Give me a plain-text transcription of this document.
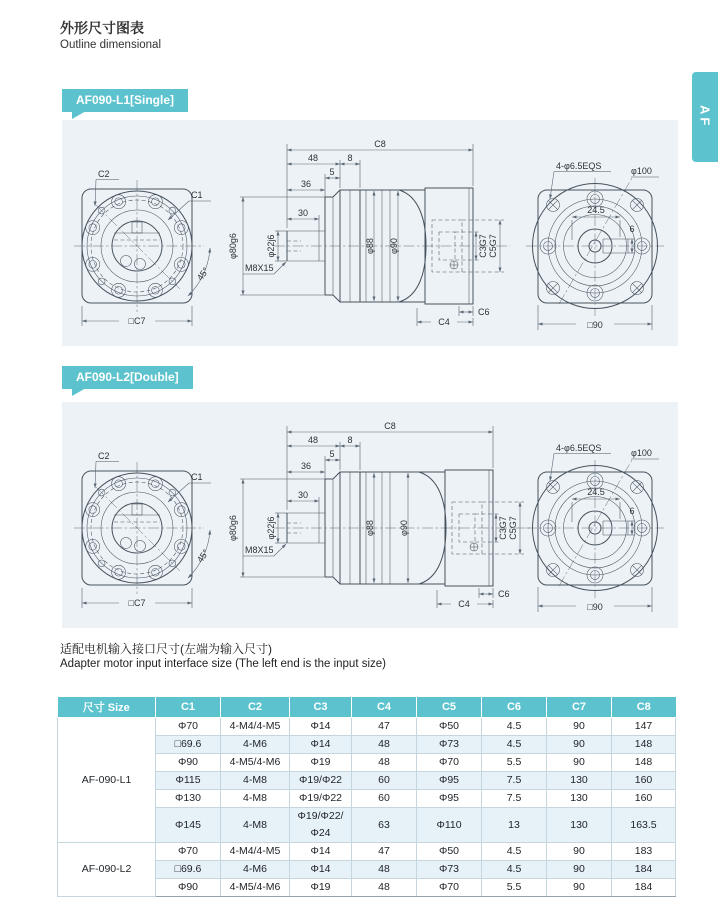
外形尺寸图表
Outline dimensional
AF
AF090-L1[Single]
C2
C1
45°
□C7
C8
48	8
5
36
30
φ22j6
φ80g6
M8X15
φ88 φ90	C3G7 C5G7
C6
C4
24.5
6
4-φ6.5EQS	φ100
□90
AF090-L2[Double]
C2
C1
45°
□C7
C8
48	8
5
36
30
φ22j6
φ80g6
M8X15
φ88	φ90	C3G7 C5G7
C6
C4
24.5
6
4-φ6.5EQS	φ100
□90
适配电机输入接口尺寸(左端为输入尺寸)
Adapter motor input interface size (The left end is the input size)
尺寸 Size	C1	C2	C3	C4	C5	C6	C7	C8
AF-090-L1	Φ70	4-M4/4-M5	Φ14	47	Φ50	4.5	90	147
	□69.6	4-M6	Φ14	48	Φ73	4.5	90	148
	Φ90	4-M5/4-M6	Φ19	48	Φ70	5.5	90	148
	Φ115	4-M8	Φ19/Φ22	60	Φ95	7.5	130	160
	Φ130	4-M8	Φ19/Φ22	60	Φ95	7.5	130	160
	Φ145	4-M8	Φ19/Φ22/Φ24	63	Φ110	13	130	163.5
AF-090-L2	Φ70	4-M4/4-M5	Φ14	47	Φ50	4.5	90	183
	□69.6	4-M6	Φ14	48	Φ73	4.5	90	184
	Φ90	4-M5/4-M6	Φ19	48	Φ70	5.5	90	184
